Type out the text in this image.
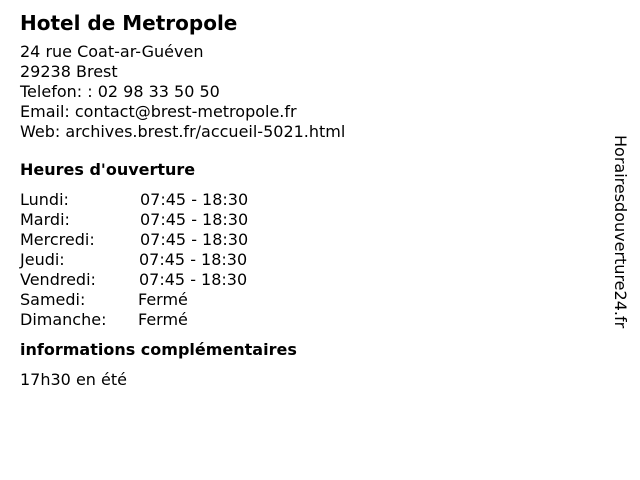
Hotel de Metropole
24 rue Coat-ar-Guéven
29238 Brest
Telefon: : 02 98 33 50 50
Email: contact@brest-metropole.fr
Web: archives.brest.fr/accueil-5021.html
Heures d'ouverture
Lundi:	07:45 - 18:30
Mardi:	07:45 - 18:30
Mercredi:	07:45 - 18:30
Jeudi:	07:45 - 18:30
Vendredi:	07:45 - 18:30
Samedi:	Fermé
Dimanche:	Fermé
informations complémentaires
17h30 en été
Horairesdouverture24.fr
